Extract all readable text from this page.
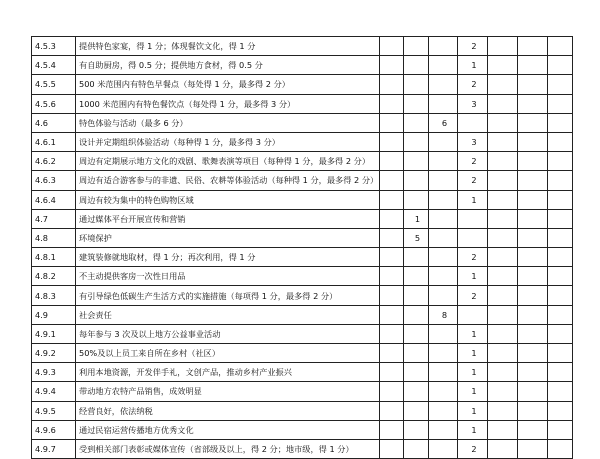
4.5.3	提供特色家宴，得 1 分；体现餐饮文化，得 1 分				2			
4.5.4	有自助厨房，得 0.5 分；提供地方食材，得 0.5 分				1			
4.5.5	500 米范围内有特色早餐点（每处得 1 分，最多得 2 分）				2			
4.5.6	1000 米范围内有特色餐饮点（每处得 1 分，最多得 3 分）				3			
4.6	特色体验与活动（最多 6 分）			6				
4.6.1	设计并定期组织体验活动（每种得 1 分，最多得 3 分）				3			
4.6.2	周边有定期展示地方文化的戏剧、歌舞表演等项目（每种得 1 分，最多得 2 分）				2			
4.6.3	周边有适合游客参与的非遗、民俗、农耕等体验活动（每种得 1 分，最多得 2 分）				2			
4.6.4	周边有较为集中的特色购物区域				1			
4.7	通过媒体平台开展宣传和营销		1					
4.8	环境保护		5					
4.8.1	建筑装修就地取材，得 1 分；再次利用，得 1 分				2			
4.8.2	不主动提供客房一次性日用品				1			
4.8.3	有引导绿色低碳生产生活方式的实施措施（每项得 1 分，最多得 2 分）				2			
4.9	社会责任			8				
4.9.1	每年参与 3 次及以上地方公益事业活动				1			
4.9.2	50%及以上员工来自所在乡村（社区）				1			
4.9.3	利用本地资源，开发伴手礼，文创产品，推动乡村产业振兴				1			
4.9.4	带动地方农特产品销售，成效明显				1			
4.9.5	经营良好，依法纳税				1			
4.9.6	通过民宿运营传播地方优秀文化				1			
4.9.7	受到相关部门表彰或媒体宣传（省部级及以上，得 2 分；地市级，得 1 分）				2			
